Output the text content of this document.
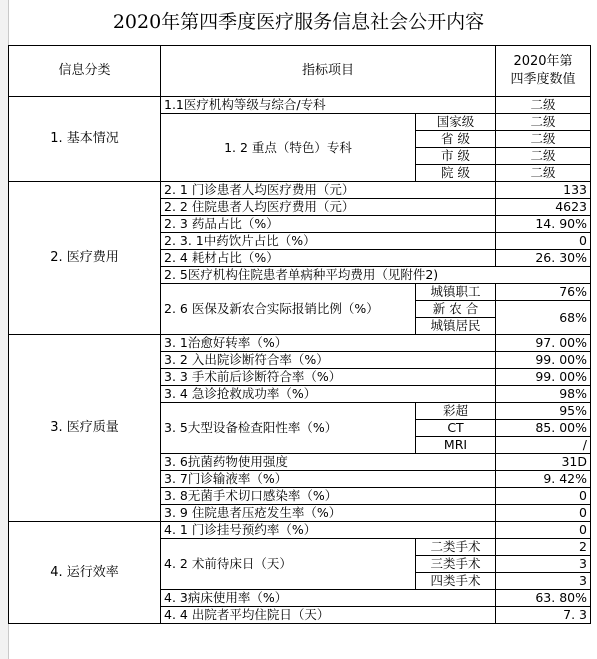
2020年第四季度医疗服务信息社会公开内容
信息分类	指标项目		2020年第
四季度数值
1. 基本情况	1.1医疗机构等级与综合/专科		二级
	1. 2 重点（特色）专科	国家级	二级
		省 级	二级
		市 级	二级
		院 级	二级
2. 医疗费用	2. 1 门诊患者人均医疗费用（元）		133
	2. 2 住院患者人均医疗费用（元）		4623
	2. 3 药品占比（%）		14. 90%
	2. 3. 1中药饮片占比（%）		0
	2. 4 耗材占比（%）		26. 30%
	2. 5医疗机构住院患者单病种平均费用（见附件2)		
	2. 6 医保及新农合实际报销比例（%）	城镇职工	76%
		新 农 合	68%
		城镇居民	
3. 医疗质量	3. 1治愈好转率（%）		97. 00%
	3. 2 入出院诊断符合率（%）		99. 00%
	3. 3 手术前后诊断符合率（%）		99. 00%
	3. 4 急诊抢救成功率（%）		98%
	3. 5大型设备检查阳性率（%）	彩超	95%
		CT	85. 00%
		MRI	/
	3. 6抗菌药物使用强度		31D
	3. 7门诊输液率（%）		9. 42%
	3. 8无菌手术切口感染率（%）		0
	3. 9 住院患者压疮发生率（%）		0
4. 运行效率	4. 1 门诊挂号预约率（%）		0
	4. 2 术前待床日（天）	二类手术	2
		三类手术	3
		四类手术	3
	4. 3病床使用率（%）		63. 80%
	4. 4 出院者平均住院日（天）		7. 3
